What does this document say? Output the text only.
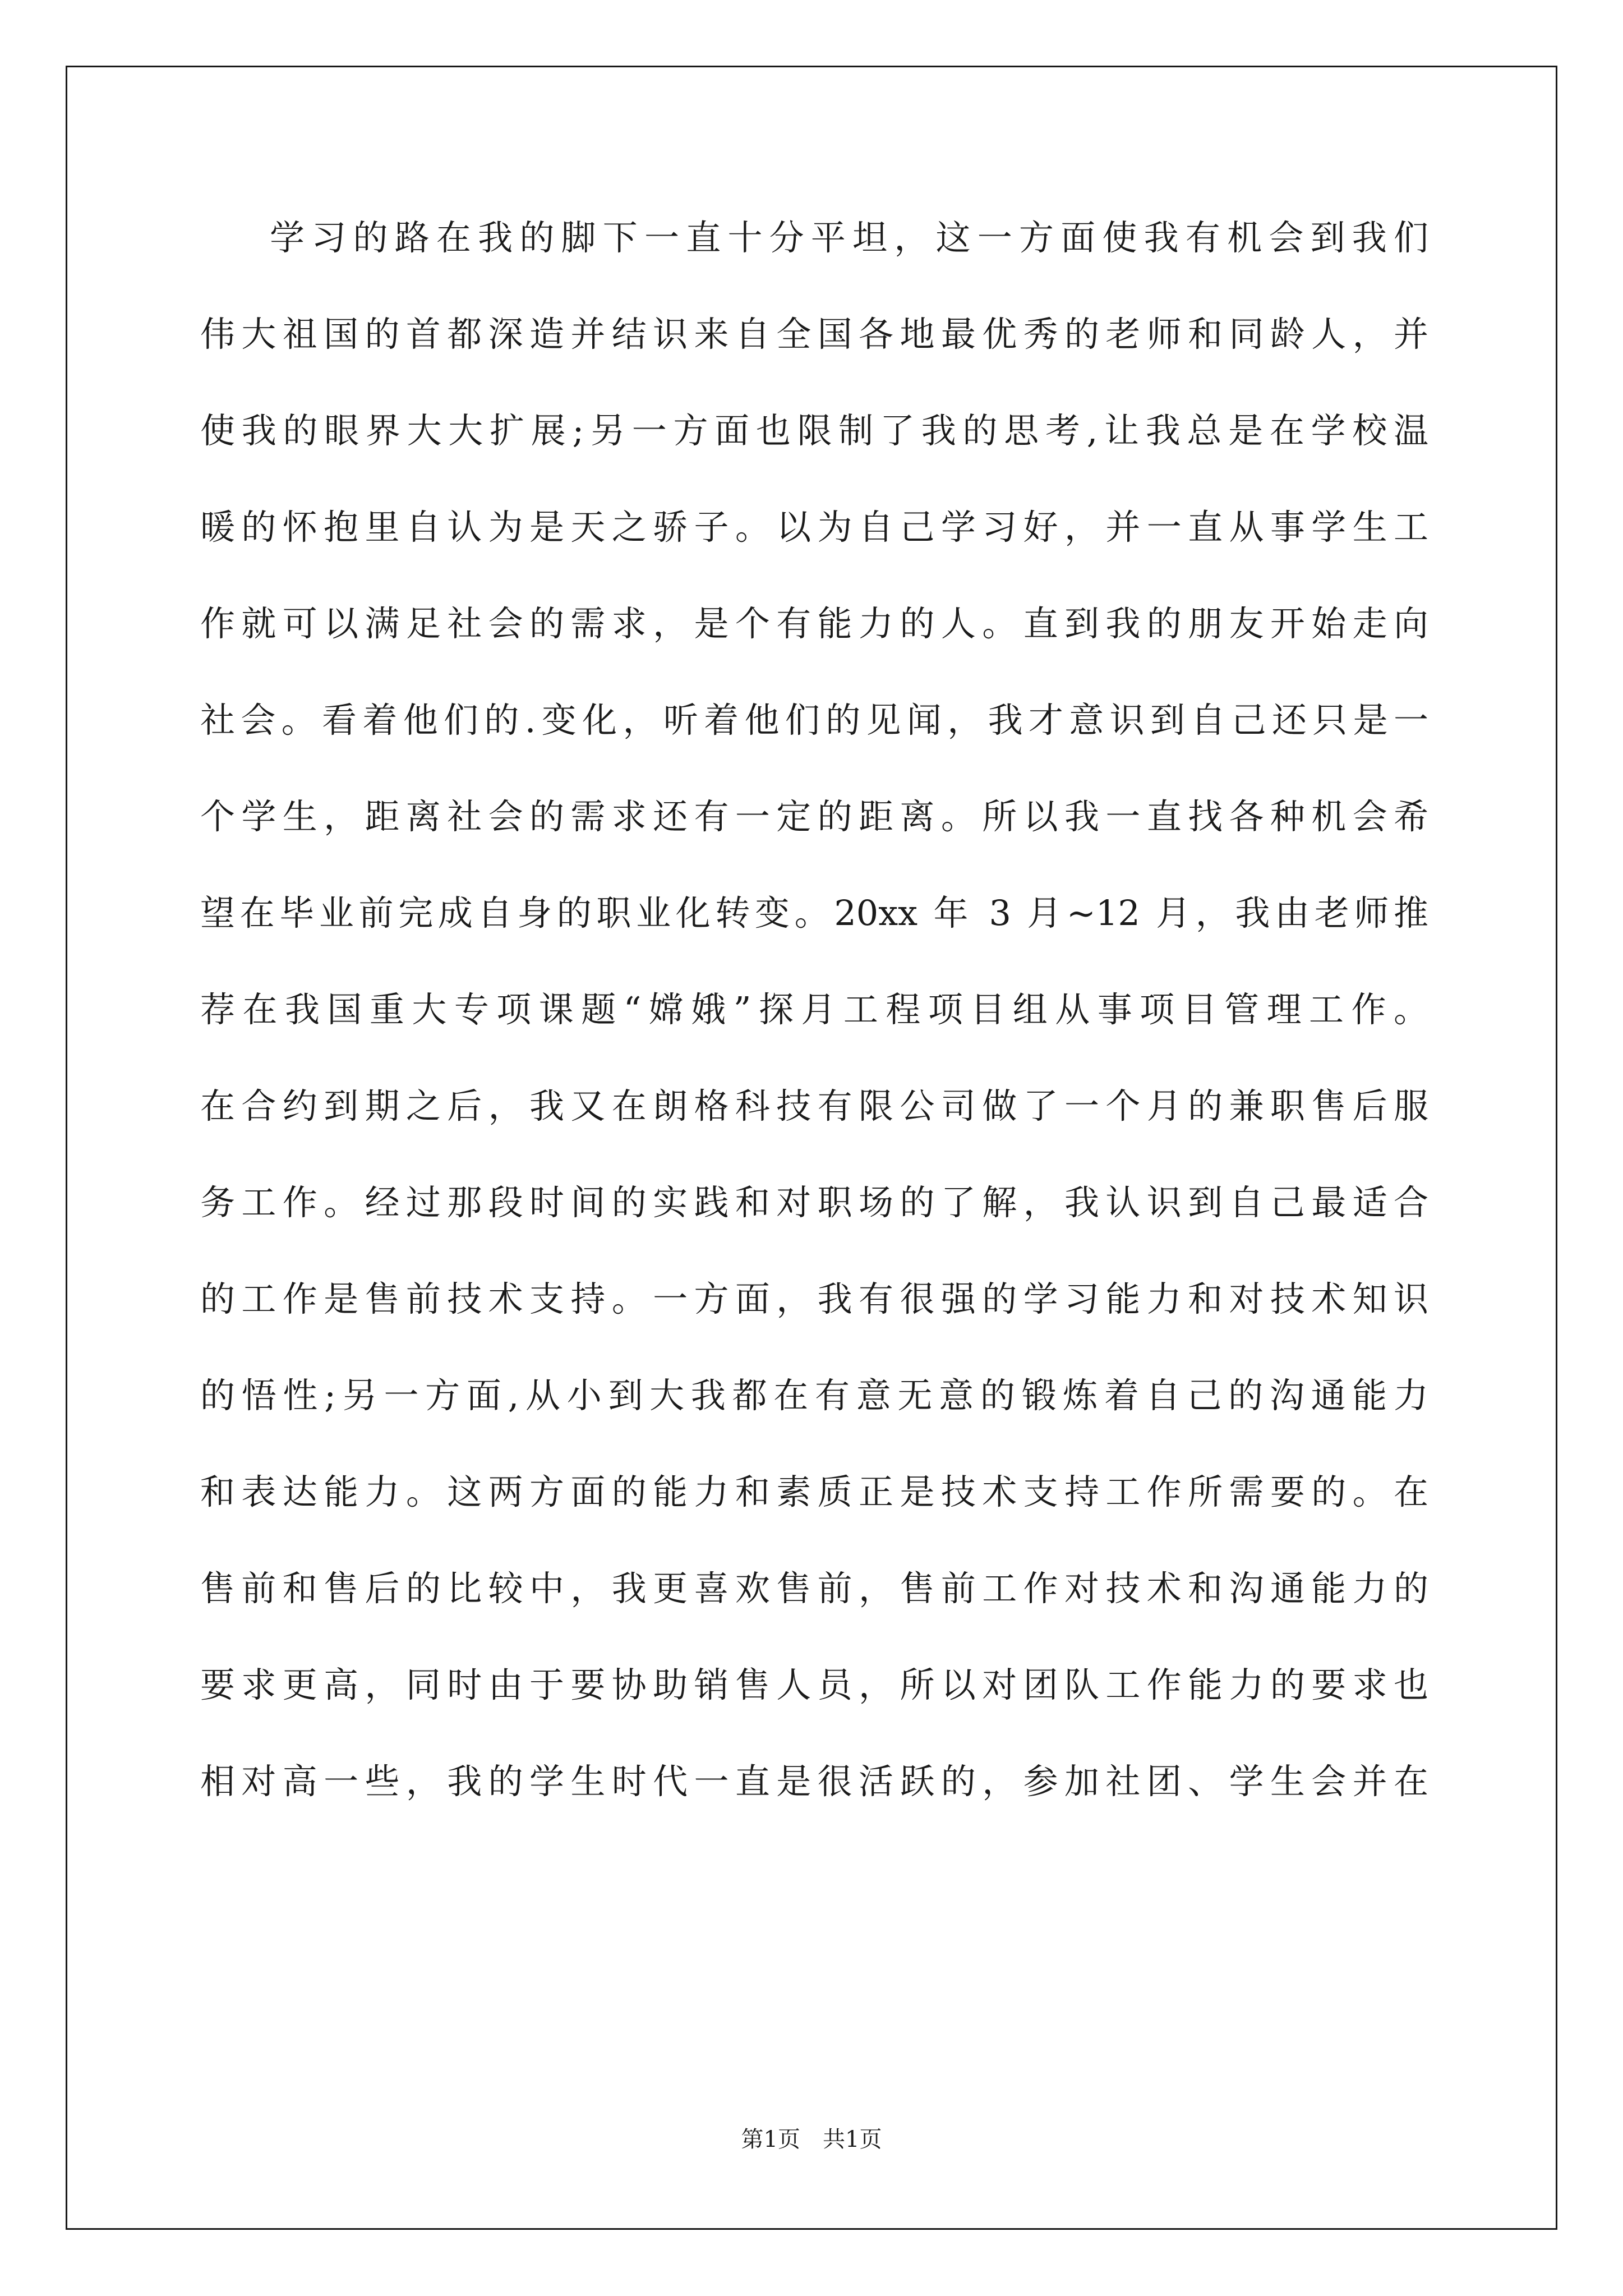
学习的路在我的脚下一直十分平坦，这一方面使我有机会到我们
伟大祖国的首都深造并结识来自全国各地最优秀的老师和同龄人，并
使我的眼界大大扩展;另一方面也限制了我的思考,让我总是在学校温
暖的怀抱里自认为是天之骄子。以为自己学习好，并一直从事学生工
作就可以满足社会的需求，是个有能力的人。直到我的朋友开始走向
社会。看着他们的.变化，听着他们的见闻，我才意识到自己还只是一
个学生，距离社会的需求还有一定的距离。所以我一直找各种机会希
望在毕业前完成自身的职业化转变。20xx 年 3 月~12 月，我由老师推
荐在我国重大专项课题“嫦娥”探月工程项目组从事项目管理工作。
在合约到期之后，我又在朗格科技有限公司做了一个月的兼职售后服
务工作。经过那段时间的实践和对职场的了解，我认识到自己最适合
的工作是售前技术支持。一方面，我有很强的学习能力和对技术知识
的悟性;另一方面,从小到大我都在有意无意的锻炼着自己的沟通能力
和表达能力。这两方面的能力和素质正是技术支持工作所需要的。在
售前和售后的比较中，我更喜欢售前，售前工作对技术和沟通能力的
要求更高，同时由于要协助销售人员，所以对团队工作能力的要求也
相对高一些，我的学生时代一直是很活跃的，参加社团、学生会并在
第1页 共1页
